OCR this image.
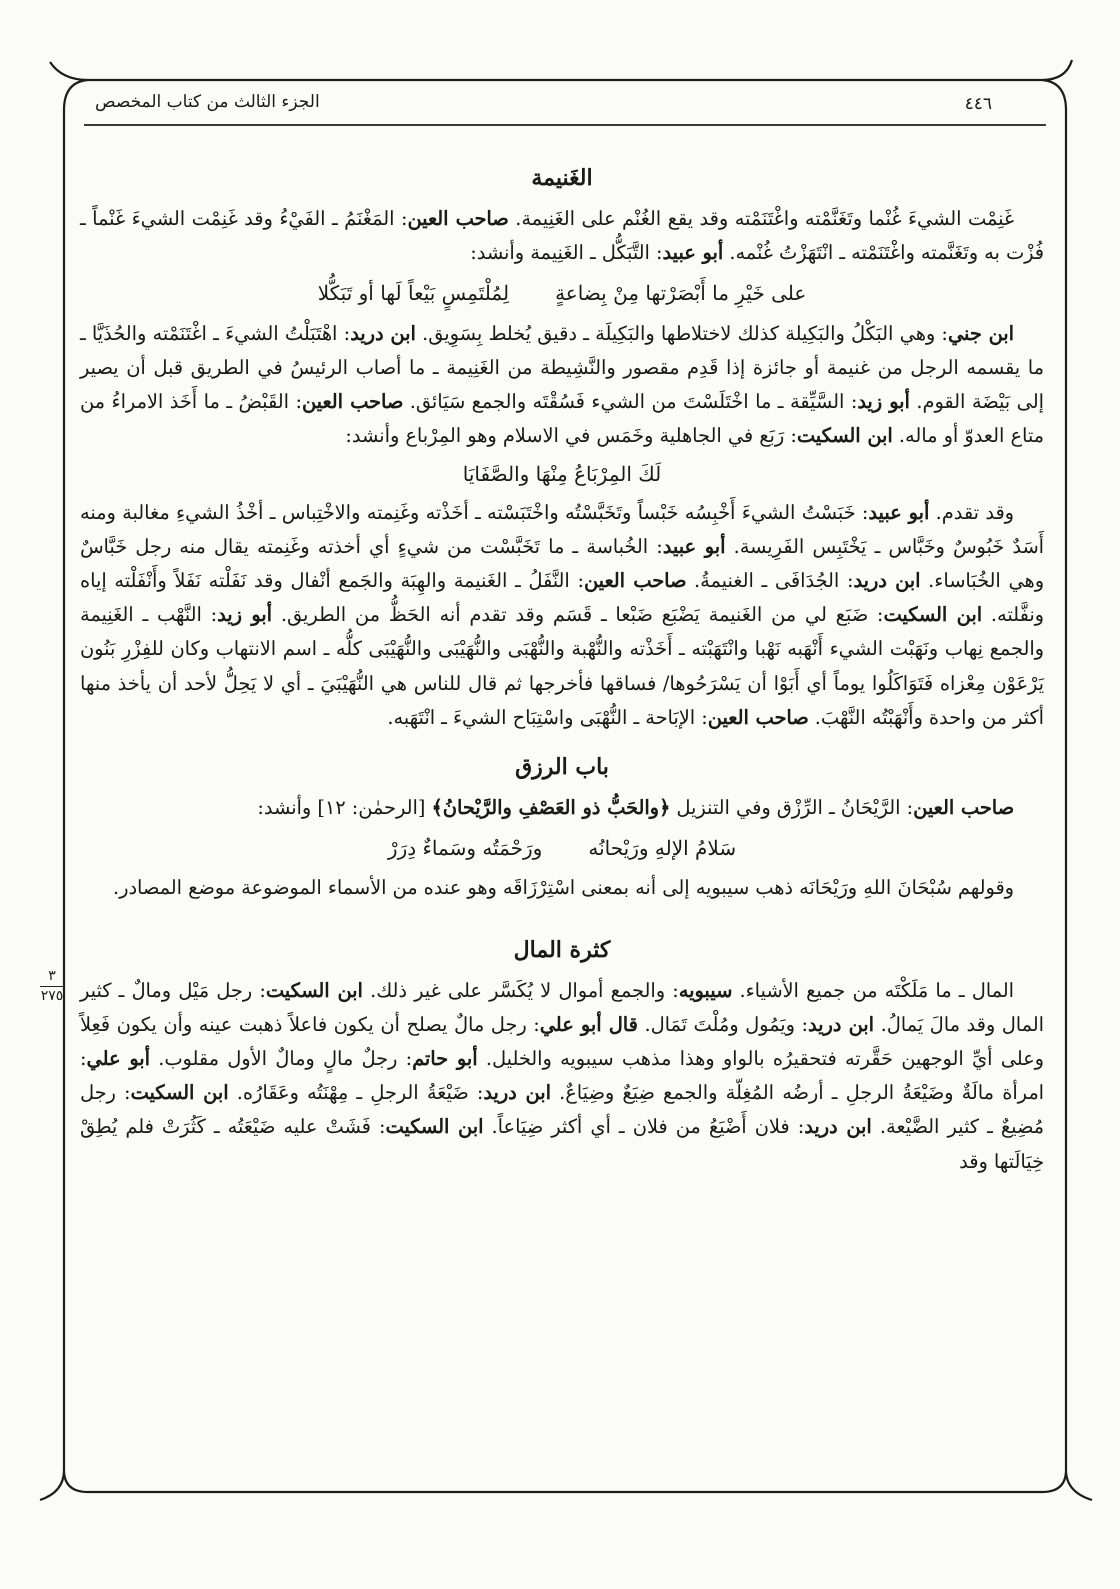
الجزء الثالث من كتاب المخصص	٤٤٦
٣
٢٧٥
الغَنيمة

غَنِمْت الشيءَ غُنْما وتَغَنَّمْته واغْتَنَمْته وقد يقع الغُنْم على الغَنِيمة. صاحب العين: المَغْنَمُ ـ الفَيْءُ وقد غَنِمْت الشيءَ غَنْماً ـ فُزْت به وتَغَنَّمته واغْتَنَمْته ـ انْتَهَزْتُ غُنْمه. أبو عبيد: التَّبَكُّل ـ الغَنِيمة وأنشد:

على خَيْرِ ما أَبْصَرْتها مِنْ بِضاعةٍ
لِمُلْتَمِسٍ بَيْعاً لَها أو تَبَكُّلا

ابن جني: وهي البَكْلُ والبَكِيلة كذلك لاختلاطها والبَكِيلَة ـ دقيق يُخلط بِسَوِيق. ابن دريد: اهْتَبَلْتُ الشيءَ ـ اغْتَنَمْته والحُذَيَّا ـ ما يقسمه الرجل من غنيمة أو جائزة إذا قَدِم مقصور والنَّشِيطة من الغَنِيمة ـ ما أصاب الرئيسُ في الطريق قبل أن يصير إلى بَيْضَة القوم. أبو زيد: السَّيِّقة ـ ما اخْتَلَسْتَ من الشيء فَسُقْتَه والجمع سَيَائق. صاحب العين: القَبْضُ ـ ما أَخَذ الامراءُ من متاع العدوّ أو ماله. ابن السكيت: رَبَع في الجاهلية وخَمَس في الاسلام وهو المِرْباع وأنشد:

لَكَ المِرْبَاعُ مِنْهَا والصَّفَايَا

وقد تقدم. أبو عبيد: خَبَسْتُ الشيءَ أَخْبِسُه خَبْساً وتَخَبَّسْتُه واخْتَبَسْته ـ أخَذْته وغَنِمته والاخْتِباس ـ أخْذُ الشيءِ مغالبة ومنه أَسَدٌ خَبُوسٌ وخَبَّاس ـ يَخْتَبِس الفَرِيسة. أبو عبيد: الخُباسة ـ ما تَخَبَّسْت من شيءٍ أي أخذته وغَنِمته يقال منه رجل خَبَّاسٌ وهي الخُبَاساء. ابن دريد: الجُدَافَى ـ الغنيمةُ. صاحب العين: النَّفَلُ ـ الغَنيمة والهِبَة والجَمع أنْفال وقد نَفَلْته نَفَلاً وأَنْفَلْته إياه ونفَّلته. ابن السكيت: ضَبَع لي من الغَنيمة يَضْبَع ضَبْعا ـ قَسَم وقد تقدم أنه الحَظُّ من الطريق. أبو زيد: النَّهْب ـ الغَنِيمة والجمع نِهاب ونَهَبْت الشيء أَنْهَبه نَهْبا وانْتَهَبْته ـ أَخَذْته والنُّهْبة والنُّهْبَى والنُّهَيْبَى والنُّهَيْبَى كلُّه ـ اسم الانتهاب وكان للفِزْرِ بَنُون يَرْعَوْن مِعْزاه فَتَوَاكَلُوا يوماً أي أَبَوْا أن يَسْرَحُوها/ فساقها فأخرجها ثم قال للناس هي النُّهَيْبَيَ ـ أي لا يَحِلُّ لأحد أن يأخذ منها أكثر من واحدة وأَنْهَبْتُه النَّهْبَ. صاحب العين: الإبَاحة ـ النُّهْبَى واسْتِبَاح الشيءَ ـ انْتَهَبه.

باب الرزق

صاحب العين: الرَّيْحَانُ ـ الرِّزْق وفي التنزيل ﴿والحَبُّ ذو العَصْفِ والرَّيْحانُ﴾ [الرحمٰن: ١٢] وأنشد:

سَلامُ الإلهِ ورَيْحانُه
ورَحْمَتُه وسَماءٌ دِرَرْ

وقولهم سُبْحَانَ اللهِ ورَيْحَانَه ذهب سيبويه إلى أنه بمعنى اسْتِرْزَاقَه وهو عنده من الأسماء الموضوعة موضع المصادر.

كثرة المال

المال ـ ما مَلَكْتَه من جميع الأشياء. سيبويه: والجمع أموال لا يُكَسَّر على غير ذلك. ابن السكيت: رجل مَيْل ومالٌ ـ كثير المال وقد مالَ يَمالُ. ابن دريد: ويَمُول ومُلْتَ تَمَال. قال أبو علي: رجل مالٌ يصلح أن يكون فاعلاً ذهبت عينه وأن يكون فَعِلاً وعلى أيِّ الوجهين حَقَّرته فتحقيرُه بالواو وهذا مذهب سيبويه والخليل. أبو حاتم: رجلٌ مالٍ ومالٌ الأول مقلوب. أبو علي: امرأة مالَةٌ وضَيْعَةُ الرجلِ ـ أرضُه المُغِلّة والجمع ضِيَعٌ وضِيَاعٌ. ابن دريد: ضَيْعَةُ الرجلِ ـ مِهْنَتُه وعَقَارُه. ابن السكيت: رجل مُضِيعٌ ـ كثير الضَّيْعة. ابن دريد: فلان أَضْيَعُ من فلان ـ أي أكثر ضِيَاعاً. ابن السكيت: فَشَتْ عليه ضَيْعَتُه ـ كَثُرَتْ فلم يُطِقْ خِيَالَتها وقد
